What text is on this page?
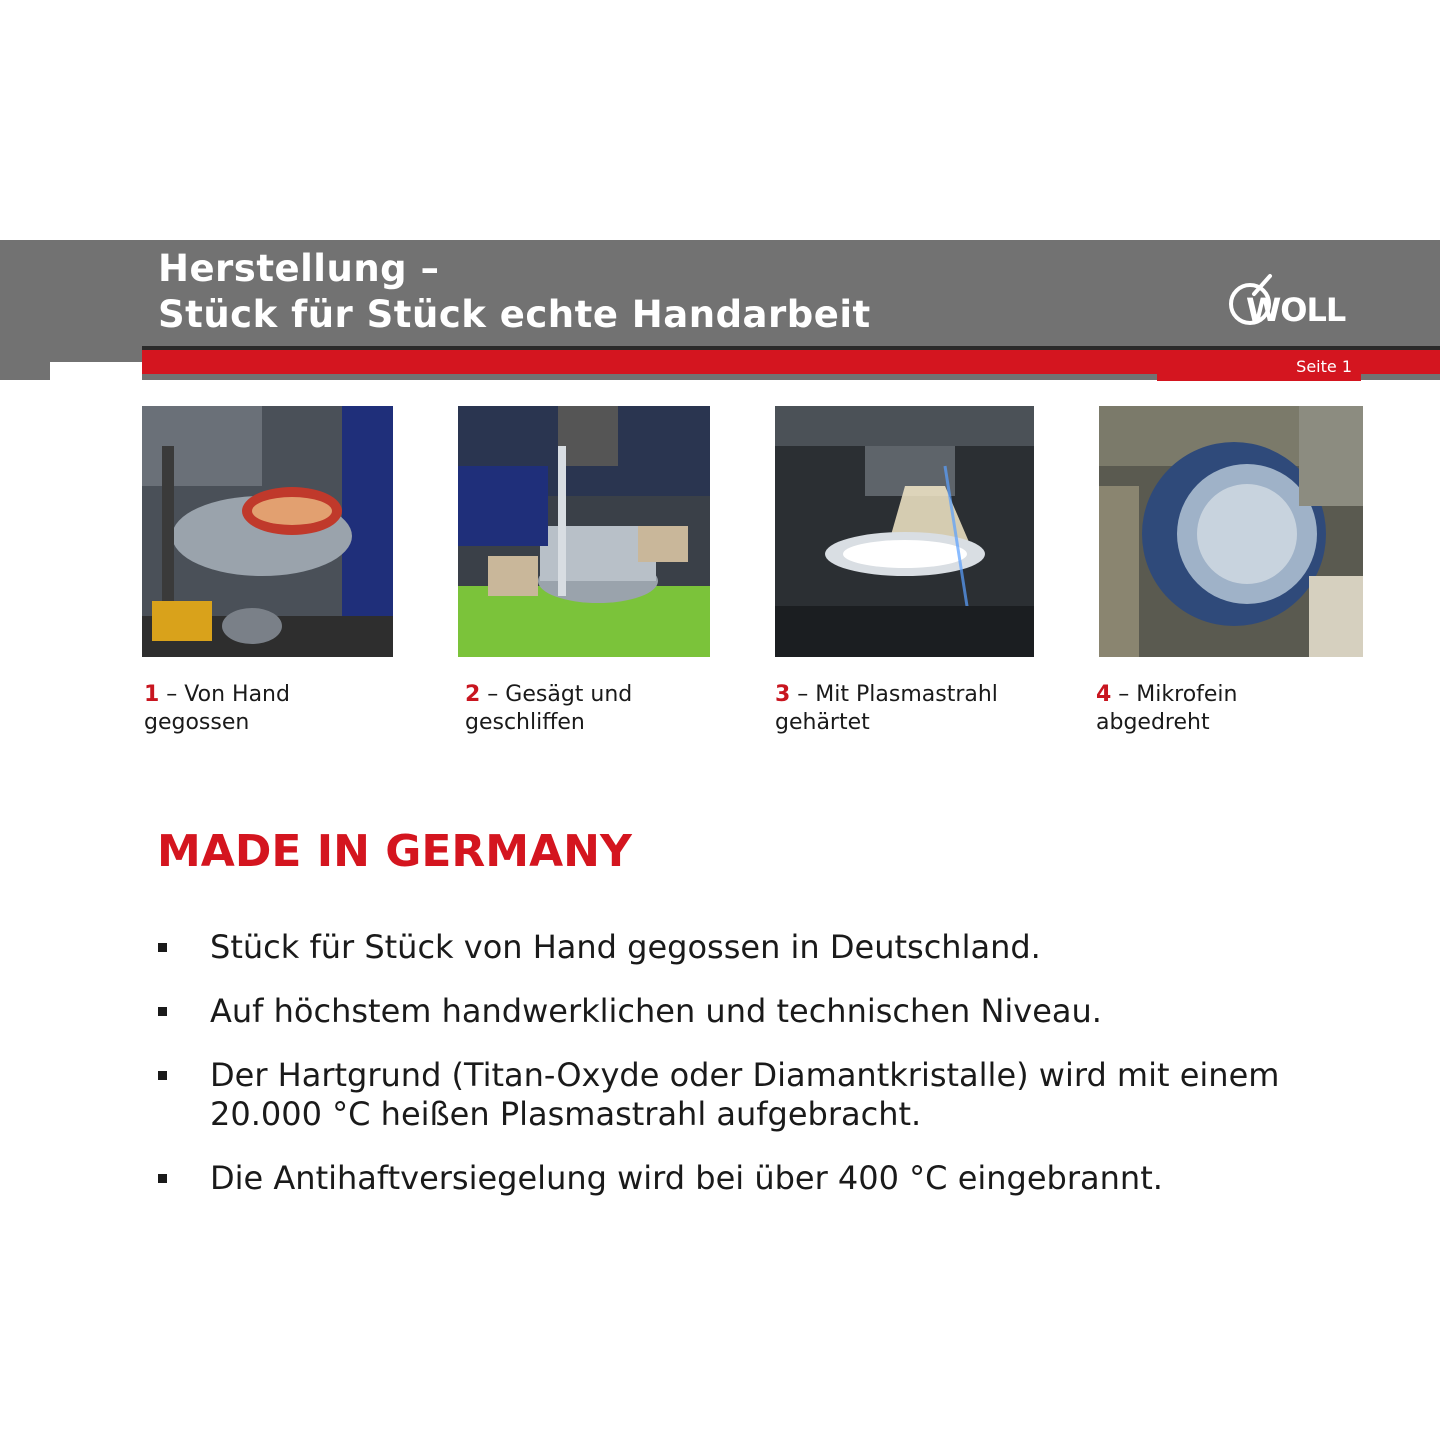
Seite 1
Herstellung –
Stück für Stück echte Handarbeit	WOLL
1 – Von Hand
gegossen
2 – Gesägt und
geschliffen
3 – Mit Plasmastrahl
gehärtet
4 – Mikrofein
abgedreht
MADE IN GERMANY
Stück für Stück von Hand gegossen in Deutschland.
Auf höchstem handwerklichen und technischen Niveau.
Der Hartgrund (Titan-Oxyde oder Diamantkristalle) wird mit einem 20.000 °C heißen Plasmastrahl aufgebracht.
Die Antihaftversiegelung wird bei über 400 °C eingebrannt.
